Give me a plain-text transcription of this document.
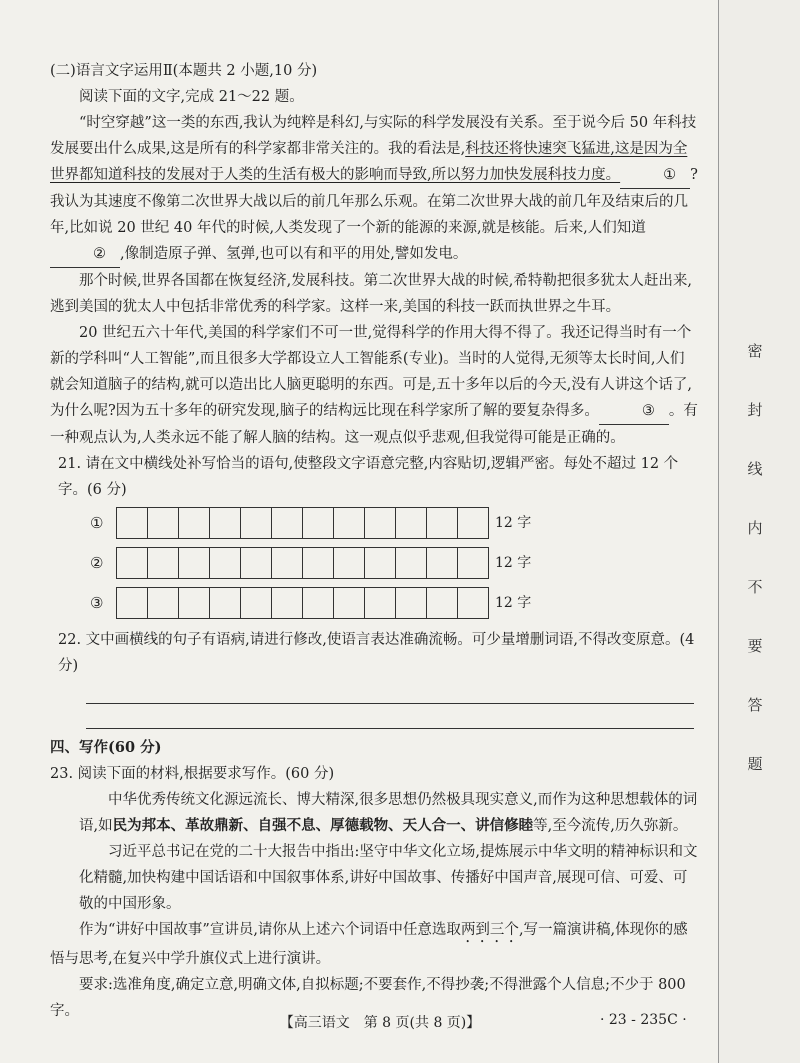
(二)语言文字运用Ⅱ(本题共 2 小题,10 分)

阅读下面的文字,完成 21～22 题。

“时空穿越”这一类的东西,我认为纯粹是科幻,与实际的科学发展没有关系。至于说今后 50 年科技发展要出什么成果,这是所有的科学家都非常关注的。我的看法是,科技还将快速突飞猛进,这是因为全世界都知道科技的发展对于人类的生活有极大的影响而导致,所以努力加快发展科技力度。	① ?我认为其速度不像第二次世界大战以后的前几年那么乐观。在第二次世界大战的前几年及结束后的几年,比如说 20 世纪 40 年代的时候,人类发现了一个新的能源的来源,就是核能。后来,人们知道② ,像制造原子弹、氢弹,也可以有和平的用处,譬如发电。

那个时候,世界各国都在恢复经济,发展科技。第二次世界大战的时候,希特勒把很多犹太人赶出来,逃到美国的犹太人中包括非常优秀的科学家。这样一来,美国的科技一跃而执世界之牛耳。

20 世纪五六十年代,美国的科学家们不可一世,觉得科学的作用大得不得了。我还记得当时有一个新的学科叫“人工智能”,而且很多大学都设立人工智能系(专业)。当时的人觉得,无须等太长时间,人们就会知道脑子的结构,就可以造出比人脑更聪明的东西。可是,五十多年以后的今天,没有人讲这个话了,为什么呢?因为五十多年的研究发现,脑子的结构远比现在科学家所了解的要复杂得多。	③ 。有一种观点认为,人类永远不能了解人脑的结构。这一观点似乎悲观,但我觉得可能是正确的。

21. 请在文中横线处补写恰当的语句,使整段文字语意完整,内容贴切,逻辑严密。每处不超过 12 个字。(6 分)

①	12 字
②	12 字
③	12 字

22. 文中画横线的句子有语病,请进行修改,使语言表达准确流畅。可少量增删词语,不得改变原意。(4 分)

四、写作(60 分)

23. 阅读下面的材料,根据要求写作。(60 分)

中华优秀传统文化源远流长、博大精深,很多思想仍然极具现实意义,而作为这种思想载体的词语,如民为邦本、革故鼎新、自强不息、厚德载物、天人合一、讲信修睦等,至今流传,历久弥新。

习近平总书记在党的二十大报告中指出:坚守中华文化立场,提炼展示中华文明的精神标识和文化精髓,加快构建中国话语和中国叙事体系,讲好中国故事、传播好中国声音,展现可信、可爱、可敬的中国形象。

作为“讲好中国故事”宣讲员,请你从上述六个词语中任意选取两到三个,写一篇演讲稿,体现你的感悟与思考,在复兴中学升旗仪式上进行演讲。

要求:选准角度,确定立意,明确文体,自拟标题;不要套作,不得抄袭;不得泄露个人信息;不少于 800 字。

密
封
线
内
不
要
答
题
【高三语文　第 8 页(共 8 页)】	· 23 - 235C ·
